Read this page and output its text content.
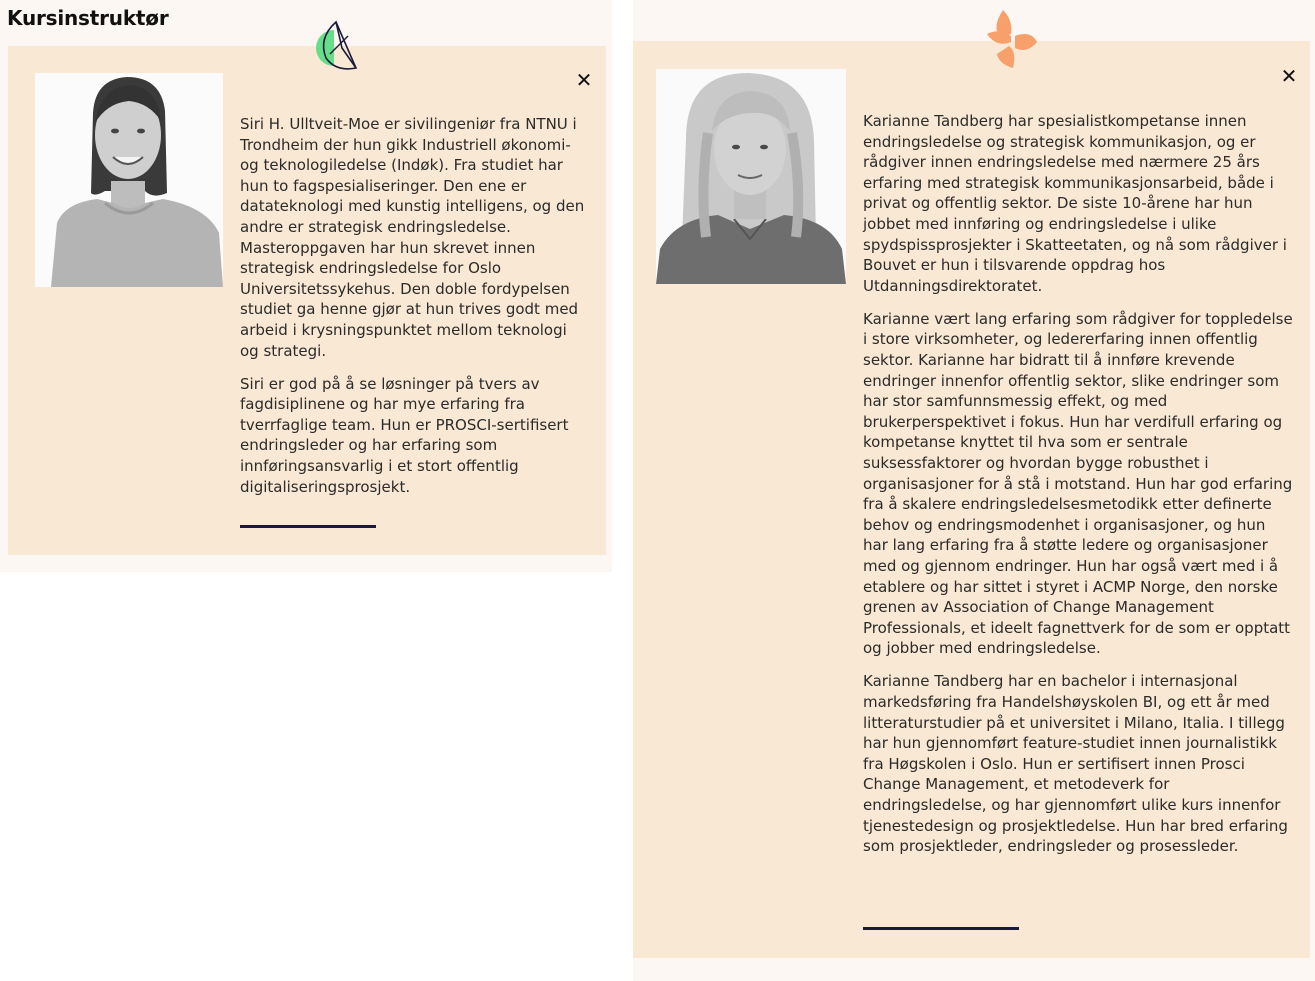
Kursinstruktør
✕

Siri H. Ulltveit-Moe er sivilingeniør fra NTNU i Trondheim der hun gikk Industriell økonomi- og teknologiledelse (Indøk). Fra studiet har hun to fagspesialiseringer. Den ene er datateknologi med kunstig intelligens, og den andre er strategisk endringsledelse. Masteroppgaven har hun skrevet innen strategisk endringsledelse for Oslo Universitetssykehus. Den doble fordypelsen studiet ga henne gjør at hun trives godt med arbeid i krysningspunktet mellom teknologi og strategi.

Siri er god på å se løsninger på tvers av fagdisiplinene og har mye erfaring fra tverrfaglige team. Hun er PROSCI-sertifisert endringsleder og har erfaring som innføringsansvarlig i et stort offentlig digitaliseringsprosjekt.

✕

Karianne Tandberg har spesialistkompetanse innen endringsledelse og strategisk kommunikasjon, og er rådgiver innen endringsledelse med nærmere 25 års erfaring med strategisk kommunikasjonsarbeid, både i privat og offentlig sektor. De siste 10-årene har hun jobbet med innføring og endringsledelse i ulike spydspissprosjekter i Skatteetaten, og nå som rådgiver i Bouvet er hun i tilsvarende oppdrag hos Utdanningsdirektoratet.

Karianne vært lang erfaring som rådgiver for toppledelse i store virksomheter, og ledererfaring innen offentlig sektor. Karianne har bidratt til å innføre krevende endringer innenfor offentlig sektor, slike endringer som har stor samfunnsmessig effekt, og med brukerperspektivet i fokus. Hun har verdifull erfaring og kompetanse knyttet til hva som er sentrale suksessfaktorer og hvordan bygge robusthet i organisasjoner for å stå i motstand. Hun har god erfaring fra å skalere endringsledelsesmetodikk etter definerte behov og endringsmodenhet i organisasjoner, og hun har lang erfaring fra å støtte ledere og organisasjoner med og gjennom endringer. Hun har også vært med i å etablere og har sittet i styret i ACMP Norge, den norske grenen av Association of Change Management Professionals, et ideelt fagnettverk for de som er opptatt og jobber med endringsledelse.

Karianne Tandberg har en bachelor i internasjonal markedsføring fra Handelshøyskolen BI, og ett år med litteraturstudier på et universitet i Milano, Italia. I tillegg har hun gjennomført feature-studiet innen journalistikk fra Høgskolen i Oslo. Hun er sertifisert innen Prosci Change Management, et metodeverk for endringsledelse, og har gjennomført ulike kurs innenfor tjenestedesign og prosjektledelse. Hun har bred erfaring som prosjektleder, endringsleder og prosessleder.
